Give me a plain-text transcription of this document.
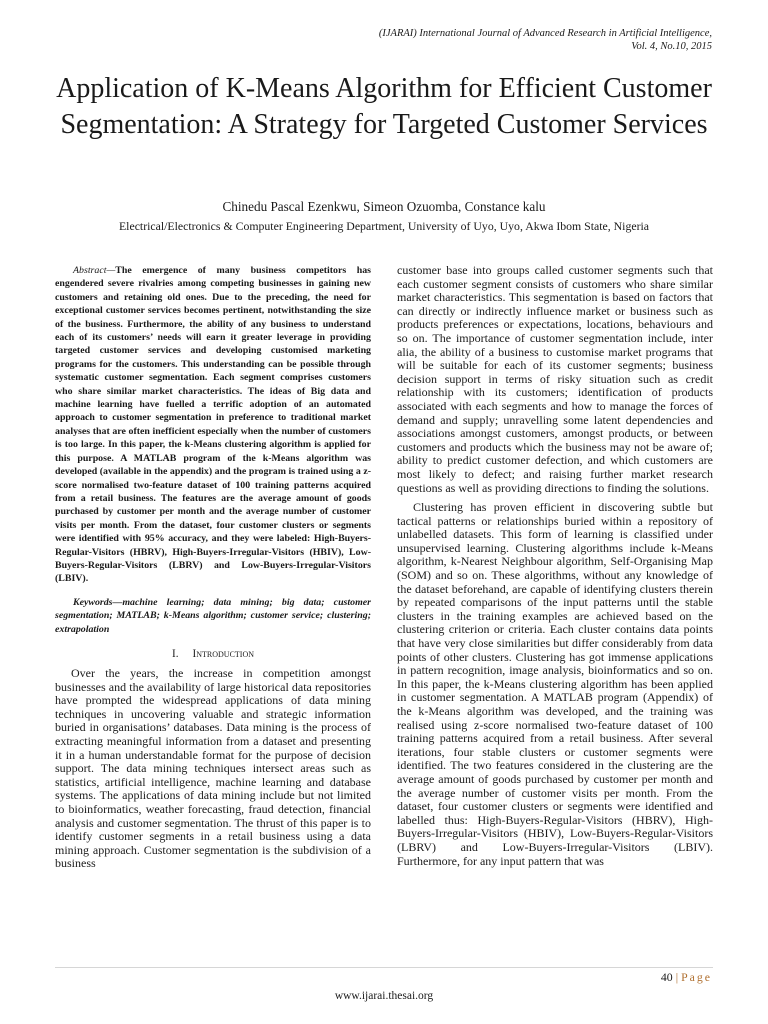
(IJARAI) International Journal of Advanced Research in Artificial Intelligence,
Vol. 4, No.10, 2015
Application of K-Means Algorithm for Efficient Customer Segmentation: A Strategy for Targeted Customer Services
Chinedu Pascal Ezenkwu, Simeon Ozuomba, Constance kalu
Electrical/Electronics & Computer Engineering Department, University of Uyo, Uyo, Akwa Ibom State, Nigeria

Abstract—The emergence of many business competitors has engendered severe rivalries among competing businesses in gaining new customers and retaining old ones. Due to the preceding, the need for exceptional customer services becomes pertinent, notwithstanding the size of the business. Furthermore, the ability of any business to understand each of its customers’ needs will earn it greater leverage in providing targeted customer services and developing customised marketing programs for the customers. This understanding can be possible through systematic customer segmentation. Each segment comprises customers who share similar market characteristics. The ideas of Big data and machine learning have fuelled a terrific adoption of an automated approach to customer segmentation in preference to traditional market analyses that are often inefficient especially when the number of customers is too large. In this paper, the k-Means clustering algorithm is applied for this purpose. A MATLAB program of the k-Means algorithm was developed (available in the appendix) and the program is trained using a z-score normalised two-feature dataset of 100 training patterns acquired from a retail business. The features are the average amount of goods purchased by customer per month and the average number of customer visits per month. From the dataset, four customer clusters or segments were identified with 95% accuracy, and they were labeled: High-Buyers-Regular-Visitors (HBRV), High-Buyers-Irregular-Visitors (HBIV), Low-Buyers-Regular-Visitors (LBRV) and Low-Buyers-Irregular-Visitors (LBIV).

Keywords—machine learning; data mining; big data; customer segmentation; MATLAB; k-Means algorithm; customer service; clustering; extrapolation

I. Introduction

Over the years, the increase in competition amongst businesses and the availability of large historical data repositories have prompted the widespread applications of data mining techniques in uncovering valuable and strategic information buried in organisations’ databases. Data mining is the process of extracting meaningful information from a dataset and presenting it in a human understandable format for the purpose of decision support. The data mining techniques intersect areas such as statistics, artificial intelligence, machine learning and database systems. The applications of data mining include but not limited to bioinformatics, weather forecasting, fraud detection, financial analysis and customer segmentation. The thrust of this paper is to identify customer segments in a retail business using a data mining approach. Customer segmentation is the subdivision of a business

customer base into groups called customer segments such that each customer segment consists of customers who share similar market characteristics. This segmentation is based on factors that can directly or indirectly influence market or business such as products preferences or expectations, locations, behaviours and so on. The importance of customer segmentation include, inter alia, the ability of a business to customise market programs that will be suitable for each of its customer segments; business decision support in terms of risky situation such as credit relationship with its customers; identification of products associated with each segments and how to manage the forces of demand and supply; unravelling some latent dependencies and associations amongst customers, amongst products, or between customers and products which the business may not be aware of; ability to predict customer defection, and which customers are most likely to defect; and raising further market research questions as well as providing directions to finding the solutions.

Clustering has proven efficient in discovering subtle but tactical patterns or relationships buried within a repository of unlabelled datasets. This form of learning is classified under unsupervised learning. Clustering algorithms include k-Means algorithm, k-Nearest Neighbour algorithm, Self-Organising Map (SOM) and so on. These algorithms, without any knowledge of the dataset beforehand, are capable of identifying clusters therein by repeated comparisons of the input patterns until the stable clusters in the training examples are achieved based on the clustering criterion or criteria. Each cluster contains data points that have very close similarities but differ considerably from data points of other clusters. Clustering has got immense applications in pattern recognition, image analysis, bioinformatics and so on. In this paper, the k-Means clustering algorithm has been applied in customer segmentation. A MATLAB program (Appendix) of the k-Means algorithm was developed, and the training was realised using z-score normalised two-feature dataset of 100 training patterns acquired from a retail business. After several iterations, four stable clusters or customer segments were identified. The two features considered in the clustering are the average amount of goods purchased by customer per month and the average number of customer visits per month. From the dataset, four customer clusters or segments were identified and labelled thus: High-Buyers-Regular-Visitors (HBRV), High-Buyers-Irregular-Visitors (HBIV), Low-Buyers-Regular-Visitors (LBRV) and Low-Buyers-Irregular-Visitors (LBIV). Furthermore, for any input pattern that was

40 | Page
www.ijarai.thesai.org
